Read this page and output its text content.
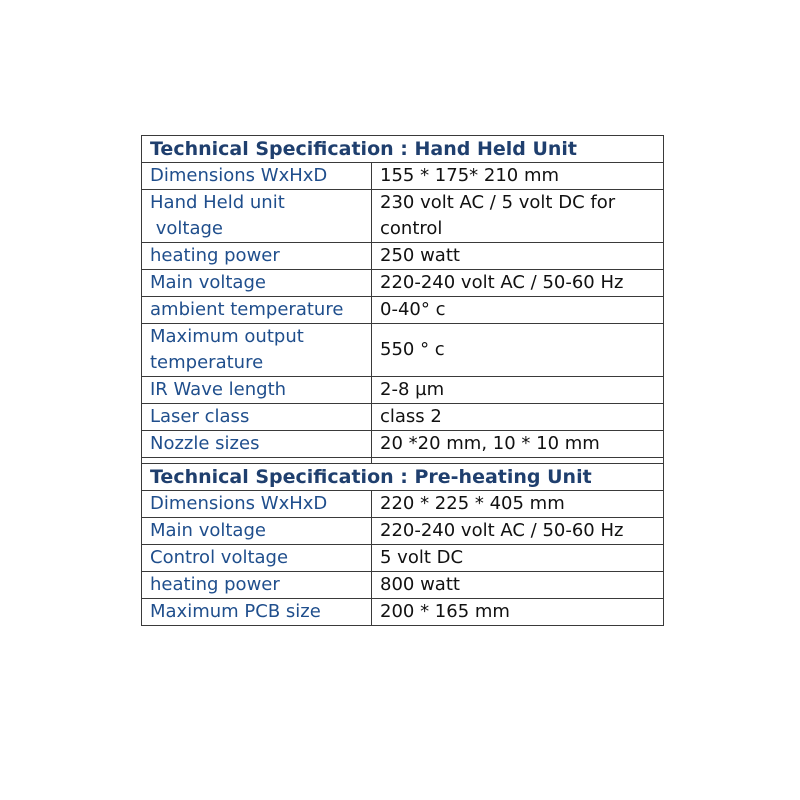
Technical Specification : Hand Held Unit	
Dimensions WxHxD	155 * 175* 210 mm
Hand Held unit
voltage	230 volt AC / 5 volt DC for
control
heating power	250 watt
Main voltage	220-240 volt AC / 50-60 Hz
ambient temperature	0-40° c
Maximum output
temperature	550 ° c
IR Wave length	2-8 µm
Laser class	class 2
Nozzle sizes	20 *20 mm, 10 * 10 mm

Technical Specification : Pre-heating Unit	
Dimensions WxHxD	220 * 225 * 405 mm
Main voltage	220-240 volt AC / 50-60 Hz
Control voltage	5 volt DC
heating power	800 watt
Maximum PCB size	200 * 165 mm
